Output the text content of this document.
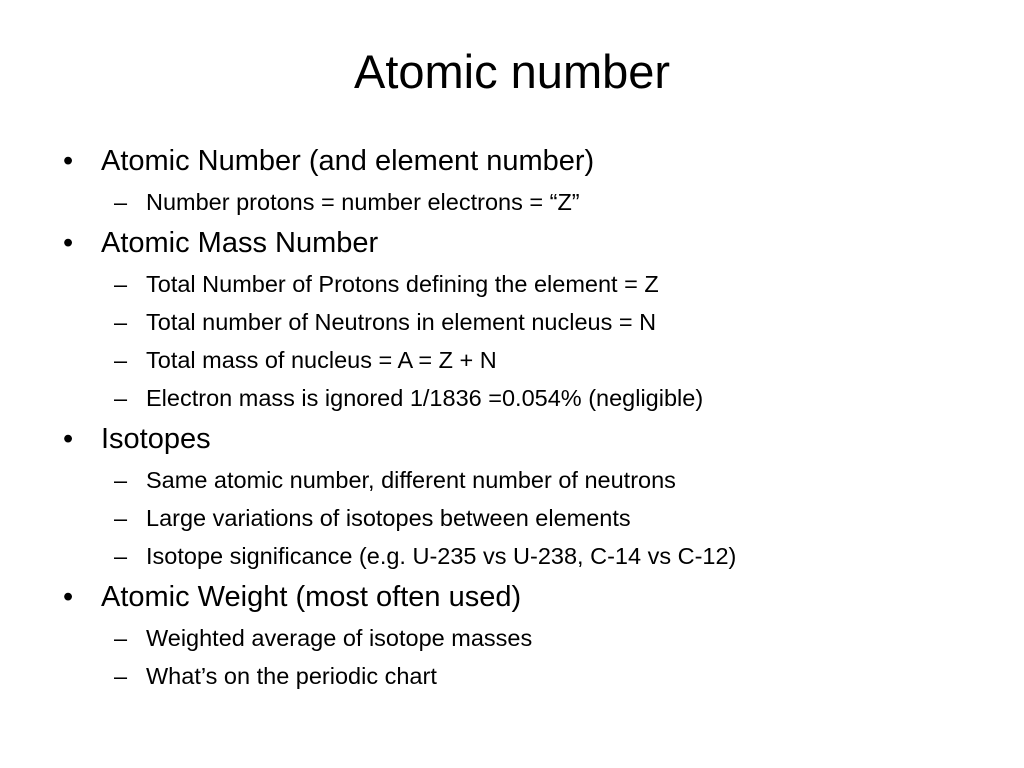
Atomic number
• Atomic Number (and element number)
– Number protons = number electrons = “Z”
• Atomic Mass Number
– Total Number of Protons defining the element = Z
– Total number of Neutrons in element nucleus = N
– Total mass of nucleus = A = Z + N
– Electron mass is ignored 1/1836 =0.054% (negligible)
• Isotopes
– Same atomic number, different number of neutrons
– Large variations of isotopes between elements
– Isotope significance (e.g. U-235 vs U-238, C-14 vs C-12)
• Atomic Weight (most often used)
– Weighted average of isotope masses
– What’s on the periodic chart
